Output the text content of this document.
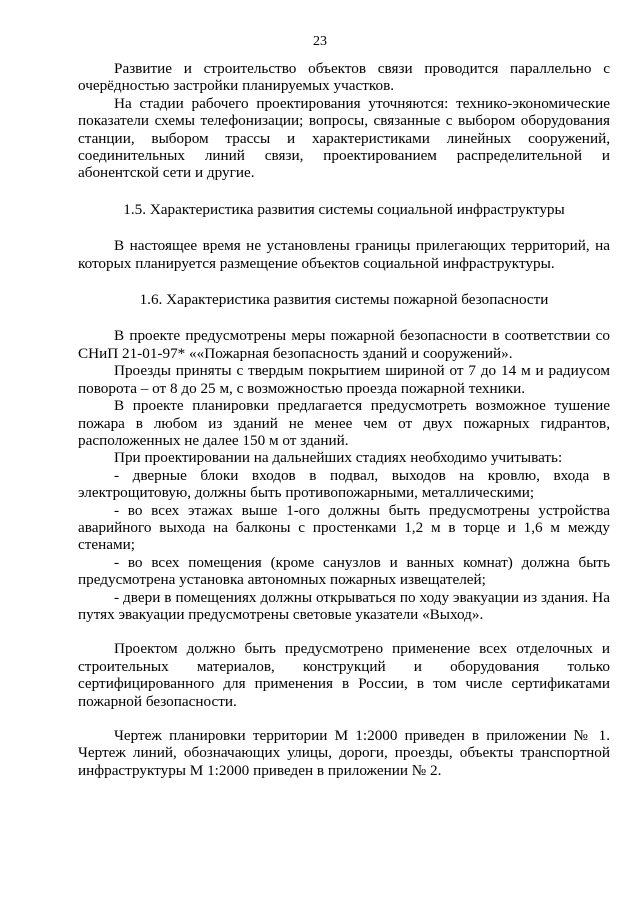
23

Развитие и строительство объектов связи проводится параллельно с очерёдностью застройки планируемых участков.

На стадии рабочего проектирования уточняются: технико-экономические показатели схемы телефонизации; вопросы, связанные с выбором оборудования станции, выбором трассы и характеристиками линейных сооружений, соединительных линий связи, проектированием распределительной и абонентской сети и другие.

1.5. Характеристика развития системы социальной инфраструктуры

В настоящее время не установлены границы прилегающих территорий, на которых планируется размещение объектов социальной инфраструктуры.

1.6. Характеристика развития системы пожарной безопасности

В проекте предусмотрены меры пожарной безопасности в соответствии со СНиП 21-01-97* ««Пожарная безопасность зданий и сооружений».

Проезды приняты с твердым покрытием шириной от 7 до 14 м и радиусом поворота – от 8 до 25 м, с возможностью проезда пожарной техники.

В проекте планировки предлагается предусмотреть возможное тушение пожара в любом из зданий не менее чем от двух пожарных гидрантов, расположенных не далее 150 м от зданий.

При проектировании на дальнейших стадиях необходимо учитывать:

- дверные блоки входов в подвал, выходов на кровлю, входа в электрощитовую, должны быть противопожарными, металлическими;

- во всех этажах выше 1-ого должны быть предусмотрены устройства аварийного выхода на балконы с простенками 1,2 м в торце и 1,6 м между стенами;

- во всех помещения (кроме санузлов и ванных комнат) должна быть предусмотрена установка автономных пожарных извещателей;

- двери в помещениях должны открываться по ходу эвакуации из здания. На путях эвакуации предусмотрены световые указатели «Выход».

Проектом должно быть предусмотрено применение всех отделочных и строительных материалов, конструкций и оборудования только сертифицированного для применения в России, в том числе сертификатами пожарной безопасности.

Чертеж планировки территории М 1:2000 приведен в приложении № 1. Чертеж линий, обозначающих улицы, дороги, проезды, объекты транспортной инфраструктуры М 1:2000 приведен в приложении № 2.
